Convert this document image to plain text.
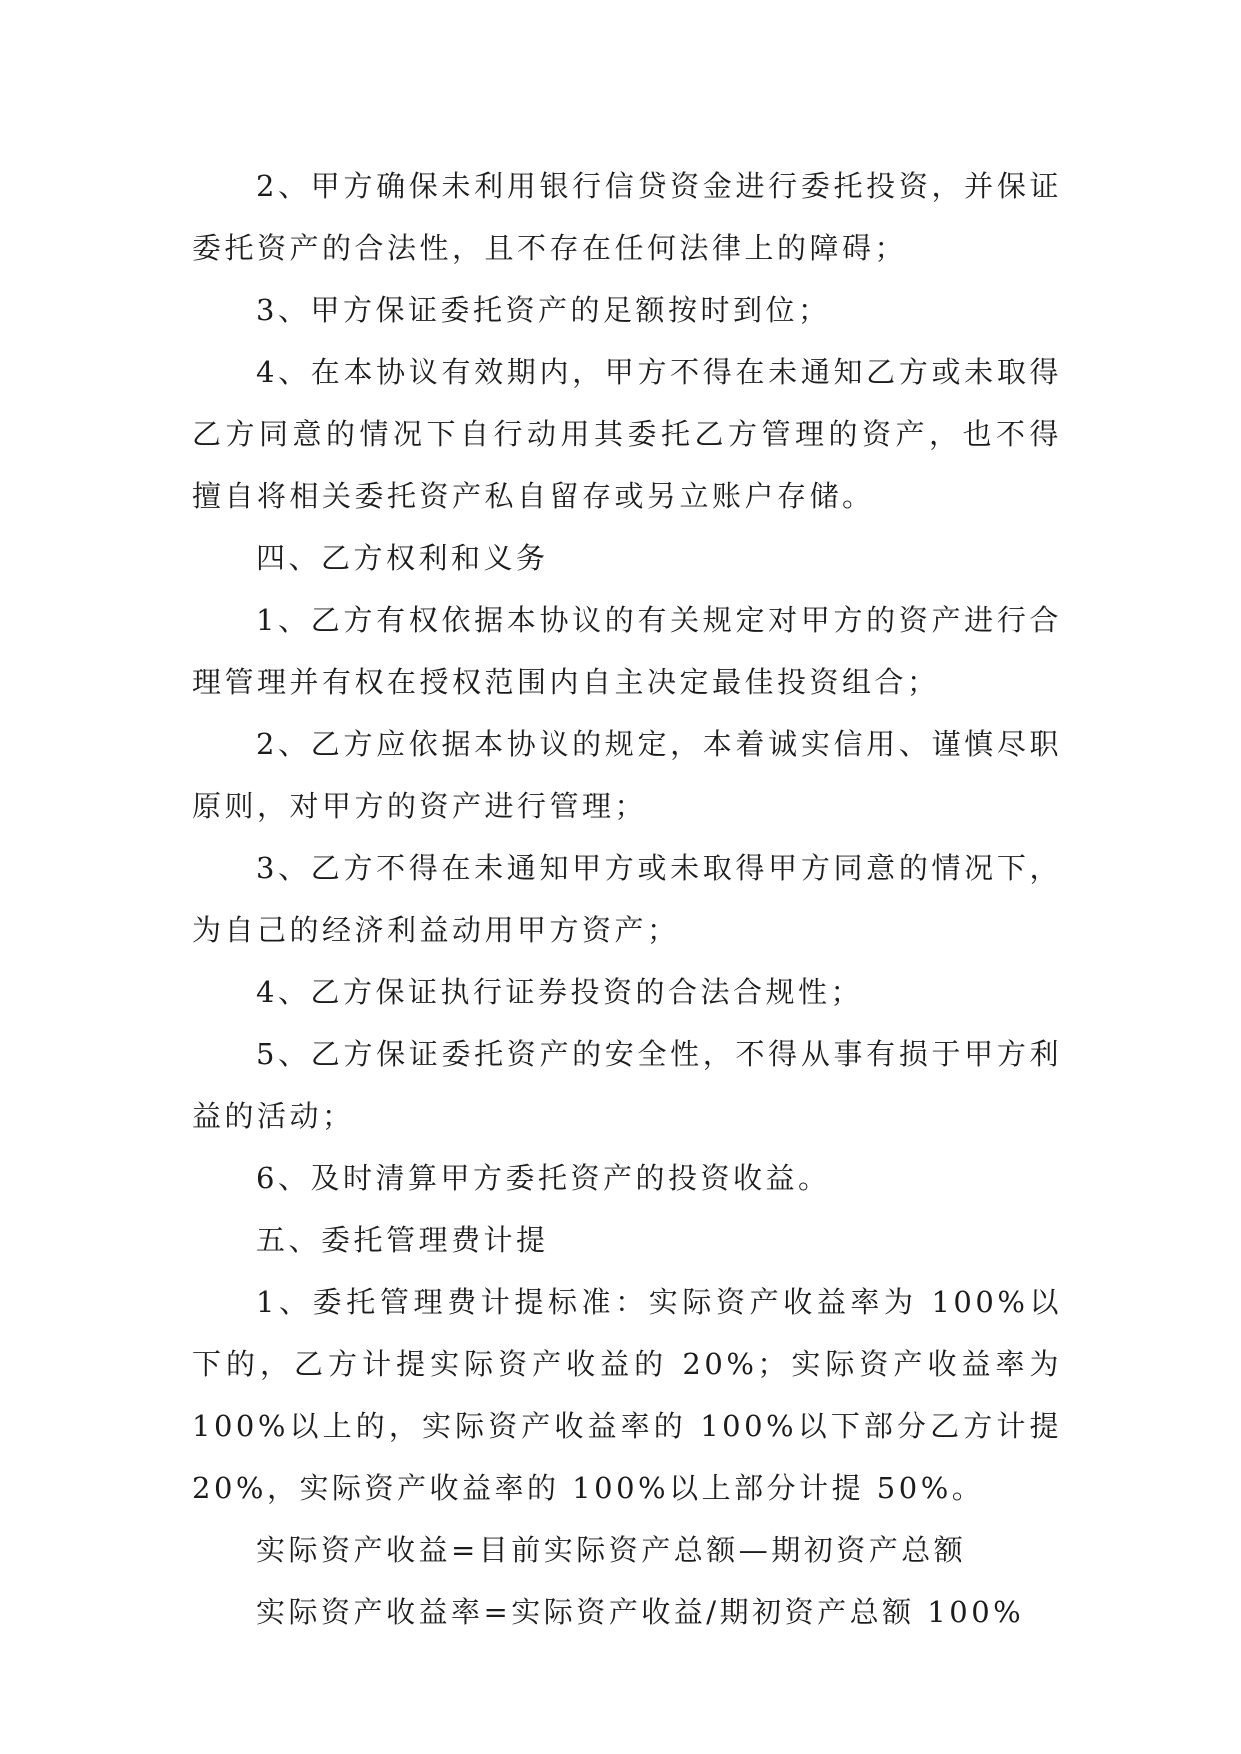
2、甲方确保未利用银行信贷资金进行委托投资，并保证委托资产的合法性，且不存在任何法律上的障碍；

3、甲方保证委托资产的足额按时到位；

4、在本协议有效期内，甲方不得在未通知乙方或未取得乙方同意的情况下自行动用其委托乙方管理的资产，也不得擅自将相关委托资产私自留存或另立账户存储。

四、乙方权利和义务

1、乙方有权依据本协议的有关规定对甲方的资产进行合理管理并有权在授权范围内自主决定最佳投资组合；

2、乙方应依据本协议的规定，本着诚实信用、谨慎尽职原则，对甲方的资产进行管理；

3、乙方不得在未通知甲方或未取得甲方同意的情况下，为自己的经济利益动用甲方资产；

4、乙方保证执行证券投资的合法合规性；

5、乙方保证委托资产的安全性，不得从事有损于甲方利益的活动；

6、及时清算甲方委托资产的投资收益。

五、委托管理费计提

1、委托管理费计提标准：实际资产收益率为 100%以下的，乙方计提实际资产收益的 20%；实际资产收益率为 100%以上的，实际资产收益率的 100%以下部分乙方计提 20%，实际资产收益率的 100%以上部分计提 50%。

实际资产收益=目前实际资产总额—期初资产总额

实际资产收益率=实际资产收益/期初资产总额 100%
